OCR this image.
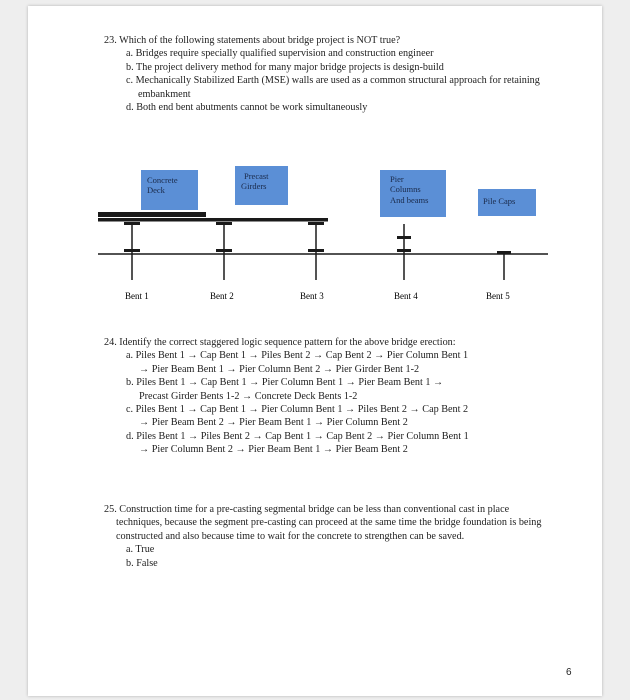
23. Which of the following statements about bridge project is NOT true?
a. Bridges require specially qualified supervision and construction engineer
b. The project delivery method for many major bridge projects is design-build
c. Mechanically Stabilized Earth (MSE) walls are used as a common structural approach for retaining embankment
d. Both end bent abutments cannot be work simultaneously
Concrete
Deck
Precast
Girders
Pier
Columns
And beams	Pile Caps
Bent 1	Bent 2	Bent 3	Bent 4	Bent 5
24. Identify the correct staggered logic sequence pattern for the above bridge erection:
a. Piles Bent 1 → Cap Bent 1 → Piles Bent 2 → Cap Bent 2 → Pier Column Bent 1
→ Pier Beam Bent 1 → Pier Column Bent 2 → Pier Girder Bent 1-2
b. Piles Bent 1 → Cap Bent 1 → Pier Column Bent 1 → Pier Beam Bent 1 →
Precast Girder Bents 1-2 → Concrete Deck Bents 1-2
c. Piles Bent 1 → Cap Bent 1 → Pier Column Bent 1 → Piles Bent 2 → Cap Bent 2
→ Pier Beam Bent 2 → Pier Beam Bent 1 → Pier Column Bent 2
d. Piles Bent 1 → Piles Bent 2 → Cap Bent 1 → Cap Bent 2 → Pier Column Bent 1
→ Pier Column Bent 2 → Pier Beam Bent 1 → Pier Beam Bent 2
25. Construction time for a pre-casting segmental bridge can be less than conventional cast in place techniques, because the segment pre-casting can proceed at the same time the bridge foundation is being constructed and also because time to wait for the concrete to strengthen can be saved.
a. True
b. False
6
